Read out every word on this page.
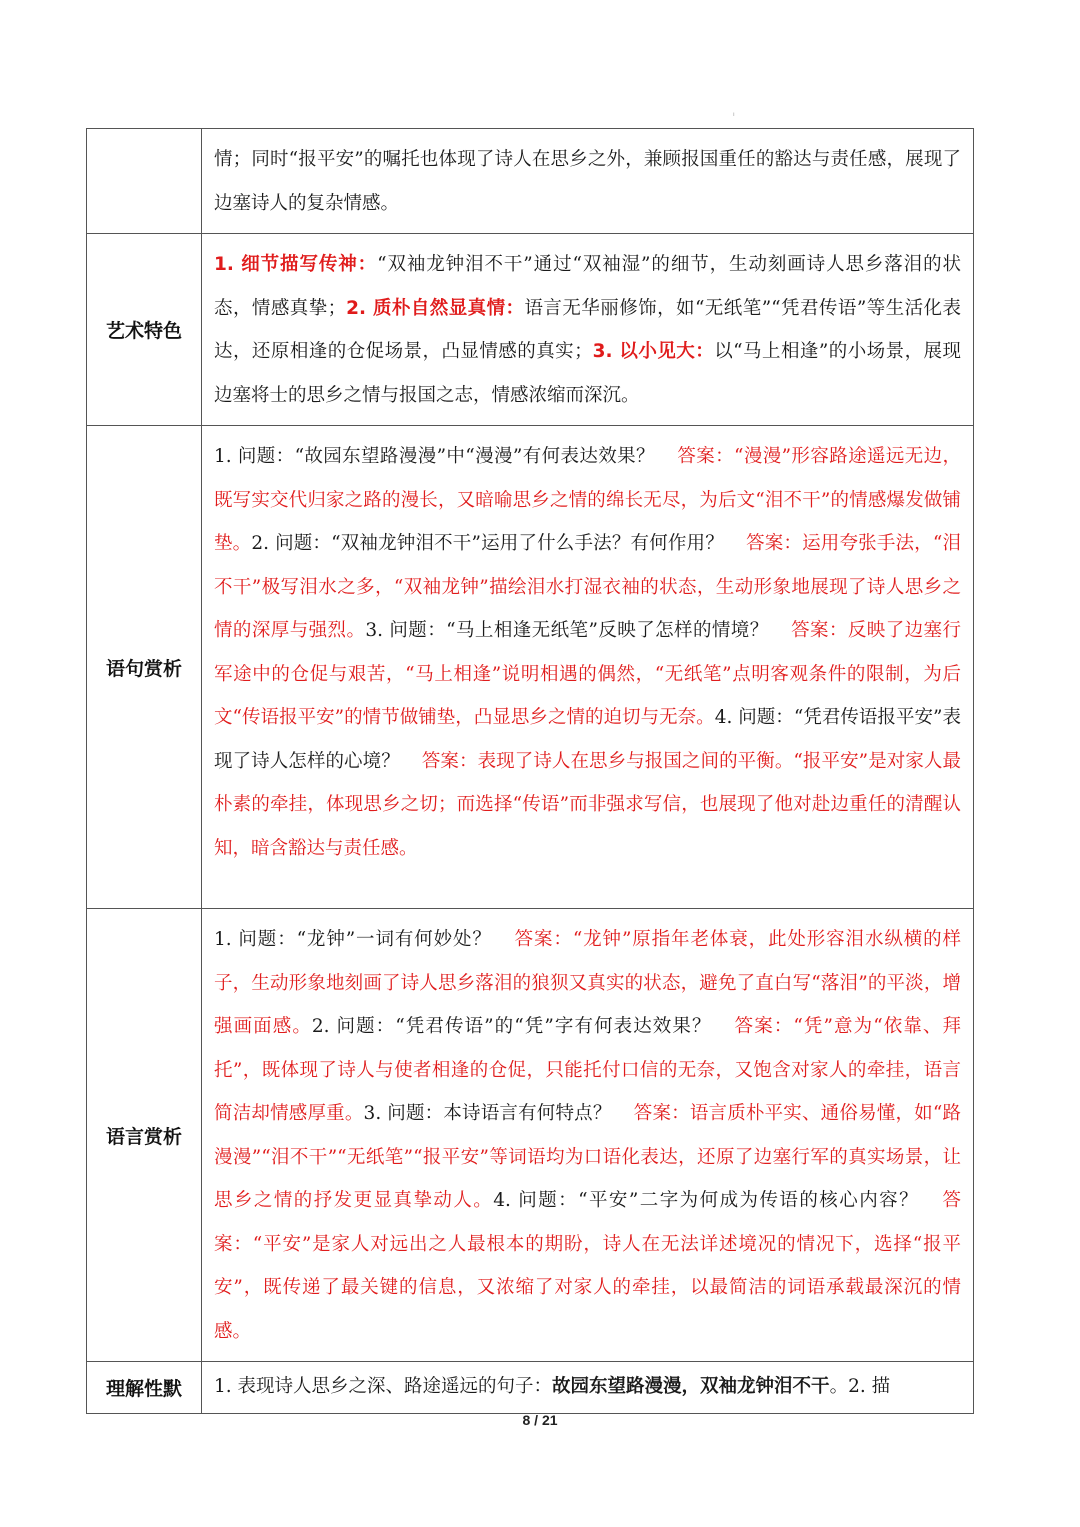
ı
	情；同时“报平安”的嘱托也体现了诗人在思乡之外，兼顾报国重任的豁达与责任感，展现了边塞诗人的复杂情感。
艺术特色	1. 细节描写传神：“双袖龙钟泪不干”通过“双袖湿”的细节，生动刻画诗人思乡落泪的状态，情感真挚；2. 质朴自然显真情：语言无华丽修饰，如“无纸笔”“凭君传语”等生活化表达，还原相逢的仓促场景，凸显情感的真实；3. 以小见大：以“马上相逢”的小场景，展现边塞将士的思乡之情与报国之志，情感浓缩而深沉。
语句赏析	1. 问题：“故园东望路漫漫”中“漫漫”有何表达效果？ 答案：“漫漫”形容路途遥远无边，既写实交代归家之路的漫长，又暗喻思乡之情的绵长无尽，为后文“泪不干”的情感爆发做铺垫。2. 问题：“双袖龙钟泪不干”运用了什么手法？有何作用？ 答案：运用夸张手法，“泪不干”极写泪水之多，“双袖龙钟”描绘泪水打湿衣袖的状态，生动形象地展现了诗人思乡之情的深厚与强烈。3. 问题：“马上相逢无纸笔”反映了怎样的情境？ 答案：反映了边塞行军途中的仓促与艰苦，“马上相逢”说明相遇的偶然，“无纸笔”点明客观条件的限制，为后文“传语报平安”的情节做铺垫，凸显思乡之情的迫切与无奈。4. 问题：“凭君传语报平安”表现了诗人怎样的心境？ 答案：表现了诗人在思乡与报国之间的平衡。“报平安”是对家人最朴素的牵挂，体现思乡之切；而选择“传语”而非强求写信，也展现了他对赴边重任的清醒认知，暗含豁达与责任感。
语言赏析	1. 问题：“龙钟”一词有何妙处？ 答案：“龙钟”原指年老体衰，此处形容泪水纵横的样子，生动形象地刻画了诗人思乡落泪的狼狈又真实的状态，避免了直白写“落泪”的平淡，增强画面感。2. 问题：“凭君传语”的“凭”字有何表达效果？ 答案：“凭”意为“依靠、拜托”，既体现了诗人与使者相逢的仓促，只能托付口信的无奈，又饱含对家人的牵挂，语言简洁却情感厚重。3. 问题：本诗语言有何特点？ 答案：语言质朴平实、通俗易懂，如“路漫漫”“泪不干”“无纸笔”“报平安”等词语均为口语化表达，还原了边塞行军的真实场景，让思乡之情的抒发更显真挚动人。4. 问题：“平安”二字为何成为传语的核心内容？ 答案：“平安”是家人对远出之人最根本的期盼，诗人在无法详述境况的情况下，选择“报平安”，既传递了最关键的信息，又浓缩了对家人的牵挂，以最简洁的词语承载最深沉的情感。
理解性默	1. 表现诗人思乡之深、路途遥远的句子：故园东望路漫漫，双袖龙钟泪不干。2. 描
8 / 21
